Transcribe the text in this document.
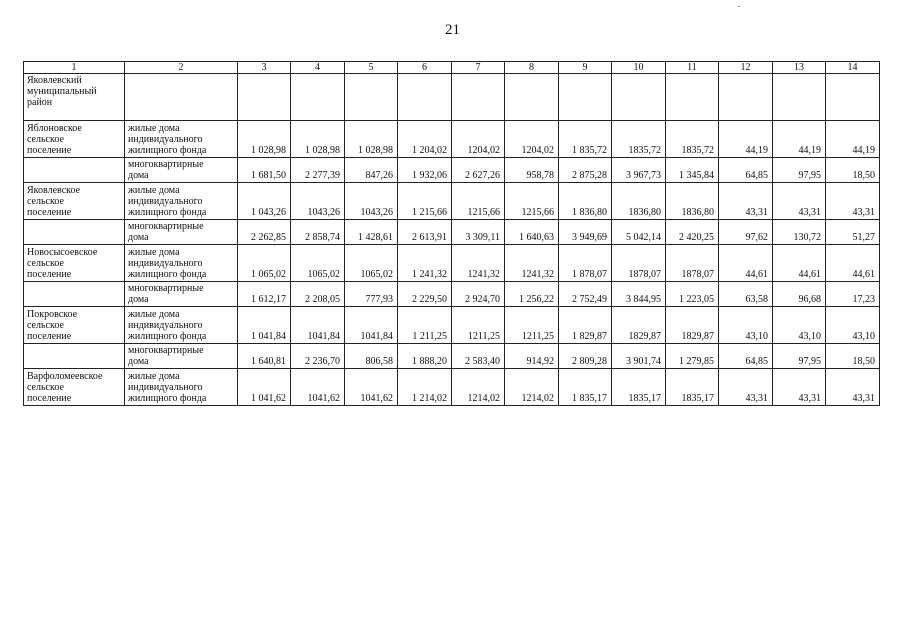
21
1	2	3	4	5	6	7	8	9	10	11	12	13	14

Яковлевский
муниципальный
район													

Яблоновское
сельское
поселение	жилые дома
индивидуального
жилищного фонда	1 028,98	1 028,98	1 028,98	1 204,02	1204,02	1204,02	1 835,72	1835,72	1835,72	44,19	44,19	44,19

	многоквартирные
дома	1 681,50	2 277,39	847,26	1 932,06	2 627,26	958,78	2 875,28	3 967,73	1 345,84	64,85	97,95	18,50

Яковлевское
сельское
поселение	жилые дома
индивидуального
жилищного фонда	1 043,26	1043,26	1043,26	1 215,66	1215,66	1215,66	1 836,80	1836,80	1836,80	43,31	43,31	43,31

	многоквартирные
дома	2 262,85	2 858,74	1 428,61	2 613,91	3 309,11	1 640,63	3 949,69	5 042,14	2 420,25	97,62	130,72	51,27

Новосысоевское
сельское
поселение	жилые дома
индивидуального
жилищного фонда	1 065,02	1065,02	1065,02	1 241,32	1241,32	1241,32	1 878,07	1878,07	1878,07	44,61	44,61	44,61

	многоквартирные
дома	1 612,17	2 208,05	777,93	2 229,50	2 924,70	1 256,22	2 752,49	3 844,95	1 223,05	63,58	96,68	17,23

Покровское
сельское
поселение	жилые дома
индивидуального
жилищного фонда	1 041,84	1041,84	1041,84	1 211,25	1211,25	1211,25	1 829,87	1829,87	1829,87	43,10	43,10	43,10

	многоквартирные
дома	1 640,81	2 236,70	806,58	1 888,20	2 583,40	914,92	2 809,28	3 901,74	1 279,85	64,85	97,95	18,50

Варфоломеевское
сельское
поселение	жилые дома
индивидуального
жилищного фонда	1 041,62	1041,62	1041,62	1 214,02	1214,02	1214,02	1 835,17	1835,17	1835,17	43,31	43,31	43,31
